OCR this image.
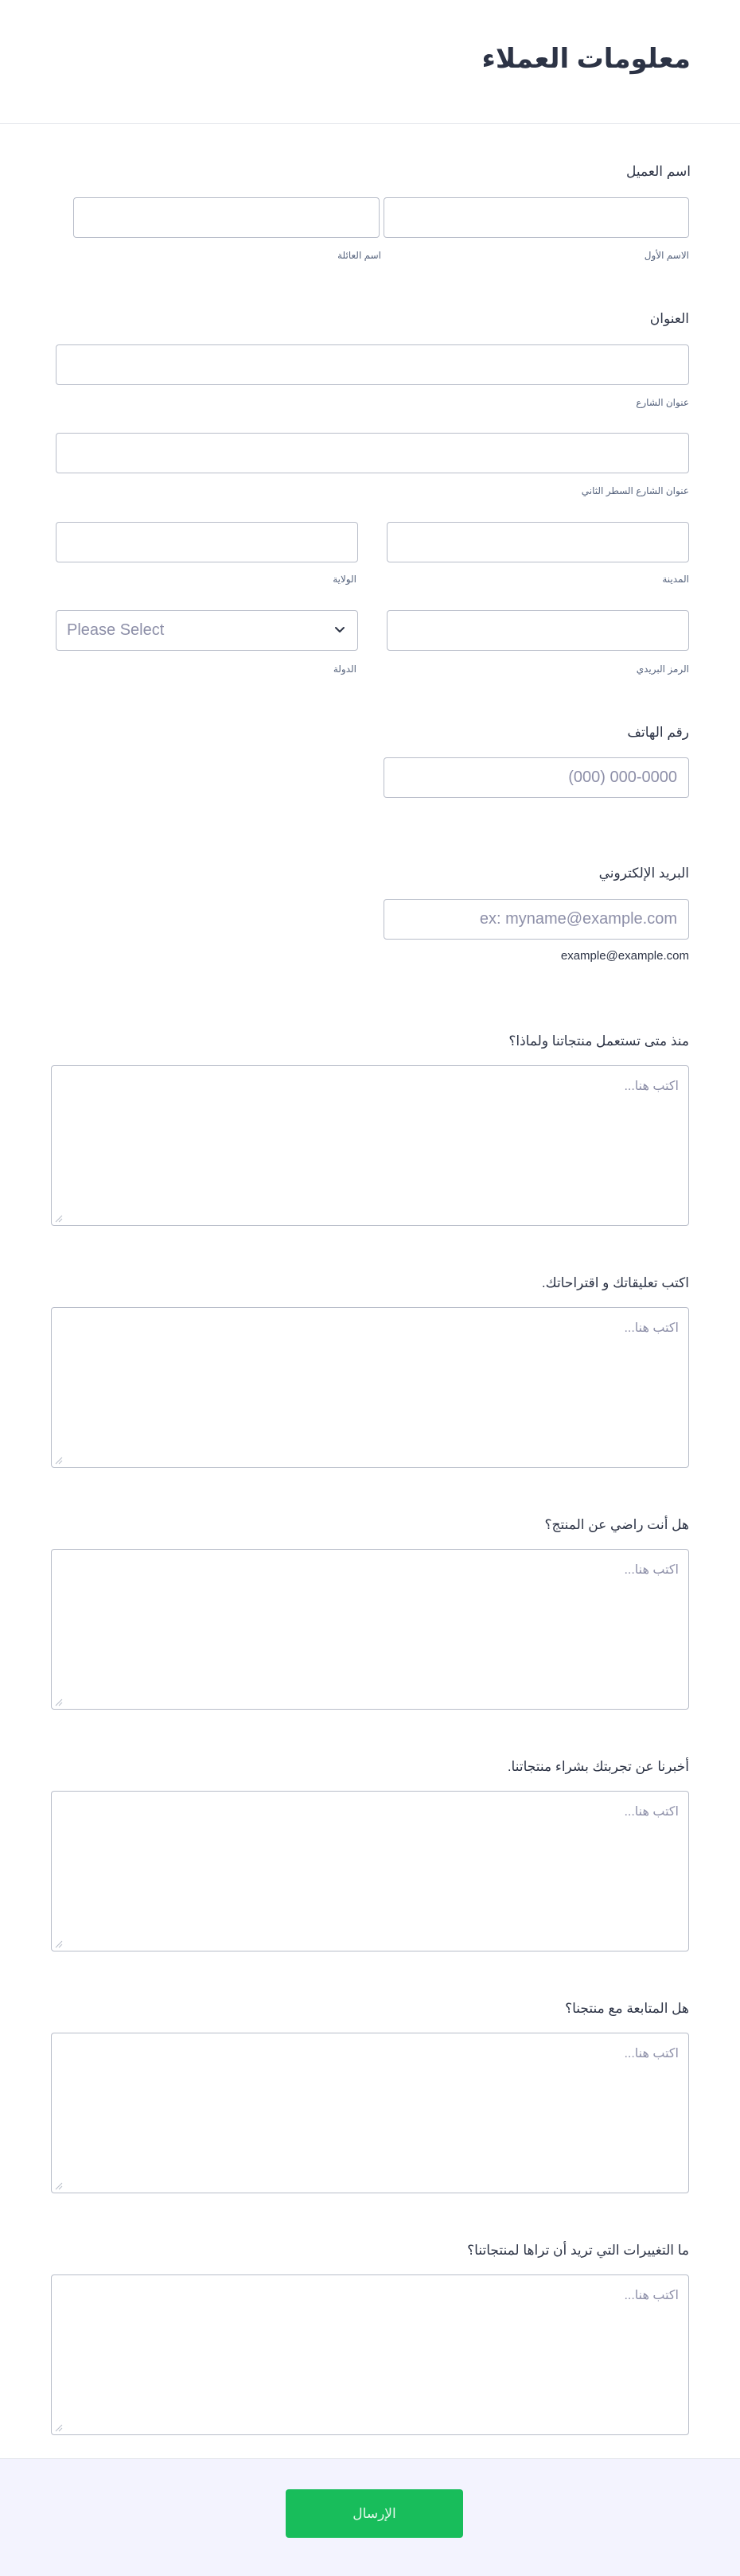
معلومات العملاء
اسم العميل
الاسم الأول
اسم العائلة
العنوان
عنوان الشارع
عنوان الشارع السطر الثاني
المدينة
الولاية
Please Select
الرمز البريدي
الدولة
رقم الهاتف
(000) 000-0000
البريد الإلكتروني
ex: myname@example.com
example@example.com
منذ متى تستعمل منتجاتنا ولماذا؟
اكتب هنا...
اكتب تعليقاتك و اقتراحاتك.
اكتب هنا...
هل أنت راضي عن المنتج؟
اكتب هنا...
أخبرنا عن تجربتك بشراء منتجاتنا.
اكتب هنا...
هل المتابعة مع منتجنا؟
اكتب هنا...
ما التغييرات التي تريد أن تراها لمنتجاتنا؟
اكتب هنا...
الإرسال
